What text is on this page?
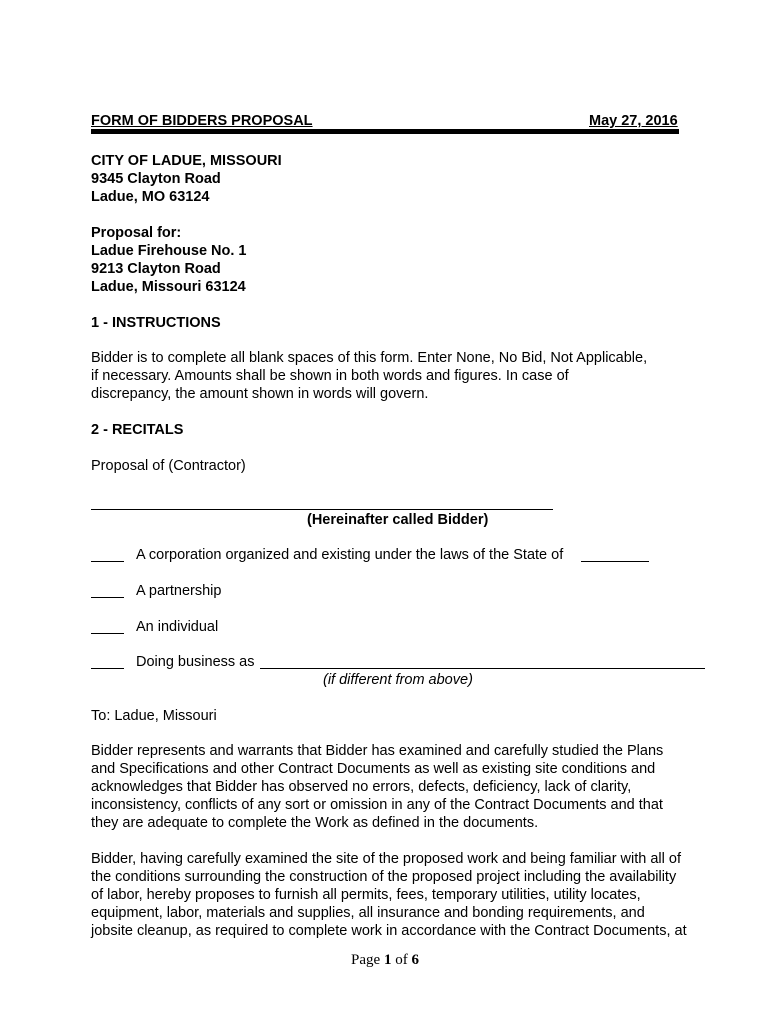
FORM OF BIDDERS PROPOSAL	May 27, 2016
CITY OF LADUE, MISSOURI
9345 Clayton Road
Ladue, MO 63124
Proposal for:
Ladue Firehouse No. 1
9213 Clayton Road
Ladue, Missouri 63124
1 - INSTRUCTIONS
Bidder is to complete all blank spaces of this form. Enter None, No Bid, Not Applicable,
if necessary. Amounts shall be shown in both words and figures. In case of
discrepancy, the amount shown in words will govern.
2 - RECITALS
Proposal of (Contractor)
(Hereinafter called Bidder)
A corporation organized and existing under the laws of the State of
A partnership
An individual
Doing business as
(if different from above)
To: Ladue, Missouri
Bidder represents and warrants that Bidder has examined and carefully studied the Plans
and Specifications and other Contract Documents as well as existing site conditions and
acknowledges that Bidder has observed no errors, defects, deficiency, lack of clarity,
inconsistency, conflicts of any sort or omission in any of the Contract Documents and that
they are adequate to complete the Work as defined in the documents.
Bidder, having carefully examined the site of the proposed work and being familiar with all of
the conditions surrounding the construction of the proposed project including the availability
of labor, hereby proposes to furnish all permits, fees, temporary utilities, utility locates,
equipment, labor, materials and supplies, all insurance and bonding requirements, and
jobsite cleanup, as required to complete work in accordance with the Contract Documents, at
Page 1 of 6
